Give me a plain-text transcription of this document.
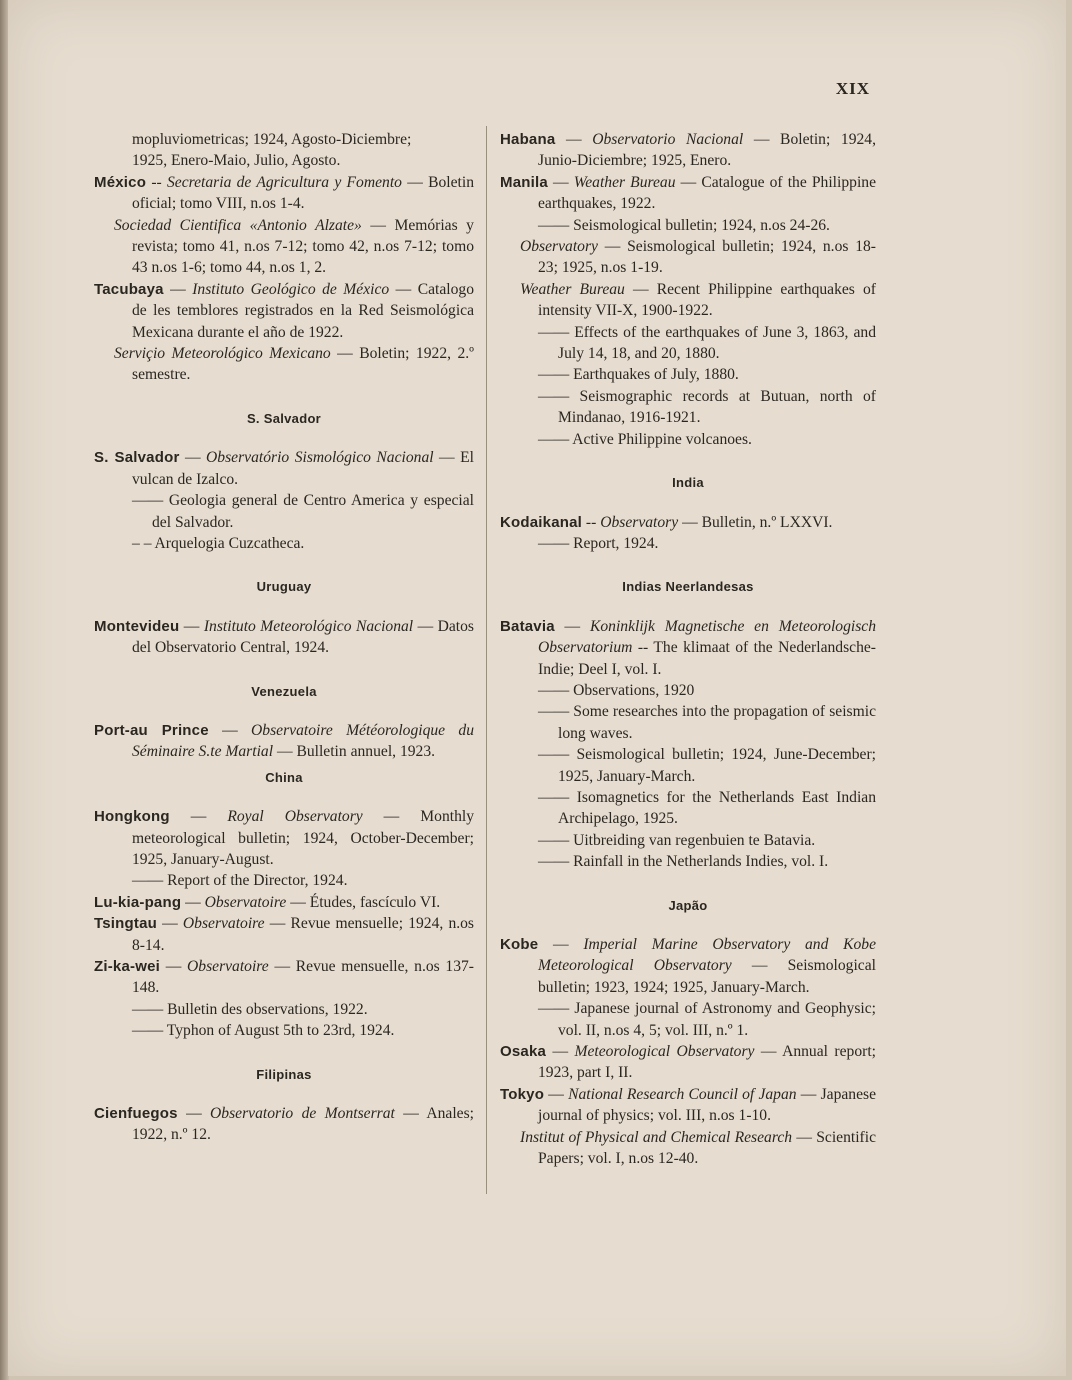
XIX

mopluviometricas; 1924, Agosto-Diciembre;

1925, Enero-Maio, Julio, Agosto.

México -- Secretaria de Agricultura y Fomento — Boletin oficial; tomo VIII, n.os 1-4.

Sociedad Cientifica «Antonio Alzate» — Memórias y revista; tomo 41, n.os 7-12; tomo 42, n.os 7-12; tomo 43 n.os 1-6; tomo 44, n.os 1, 2.

Tacubaya — Instituto Geológico de México — Catalogo de les temblores registrados en la Red Seismológica Mexicana durante el año de 1922.

Serviçio Meteorológico Mexicano — Boletin; 1922, 2.º semestre.

S. Salvador

S. Salvador — Observatório Sismológico Nacional — El vulcan de Izalco.

—— Geologia general de Centro America y especial del Salvador.

– – Arquelogia Cuzcatheca.

Uruguay

Montevideu — Instituto Meteorológico Nacional — Datos del Observatorio Central, 1924.

Venezuela

Port-au Prince — Observatoire Météorologique du Séminaire S.te Martial — Bulletin annuel, 1923.

China

Hongkong — Royal Observatory — Monthly meteorological bulletin; 1924, October-December; 1925, January-August.

—— Report of the Director, 1924.

Lu-kia-pang — Observatoire — Études, fascículo VI.

Tsingtau — Observatoire — Revue mensuelle; 1924, n.os 8-14.

Zi-ka-wei — Observatoire — Revue mensuelle, n.os 137-148.

—— Bulletin des observations, 1922.

—— Typhon of August 5th to 23rd, 1924.

Filipinas

Cienfuegos — Observatorio de Montserrat — Anales; 1922, n.º 12.

Habana — Observatorio Nacional — Boletin; 1924, Junio-Diciembre; 1925, Enero.

Manila — Weather Bureau — Catalogue of the Philippine earthquakes, 1922.

—— Seismological bulletin; 1924, n.os 24-26.

Observatory — Seismological bulletin; 1924, n.os 18-23; 1925, n.os 1-19.

Weather Bureau — Recent Philippine earthquakes of intensity VII-X, 1900-1922.

—— Effects of the earthquakes of June 3, 1863, and July 14, 18, and 20, 1880.

—— Earthquakes of July, 1880.

—— Seismographic records at Butuan, north of Mindanao, 1916-1921.

—— Active Philippine volcanoes.

India

Kodaikanal -- Observatory — Bulletin, n.º LXXVI.

—— Report, 1924.

Indias Neerlandesas

Batavia — Koninklijk Magnetische en Meteorologisch Observatorium -- The klimaat of the Nederlandsche-Indie; Deel I, vol. I.

—— Observations, 1920

—— Some researches into the propagation of seismic long waves.

—— Seismological bulletin; 1924, June-December; 1925, January-March.

—— Isomagnetics for the Netherlands East Indian Archipelago, 1925.

—— Uitbreiding van regenbuien te Batavia.

—— Rainfall in the Netherlands Indies, vol. I.

Japão

Kobe — Imperial Marine Observatory and Kobe Meteorological Observatory — Seismological bulletin; 1923, 1924; 1925, January-March.

—— Japanese journal of Astronomy and Geophysic; vol. II, n.os 4, 5; vol. III, n.º 1.

Osaka — Meteorological Observatory — Annual report; 1923, part I, II.

Tokyo — National Research Council of Japan — Japanese journal of physics; vol. III, n.os 1-10.

Institut of Physical and Chemical Research — Scientific Papers; vol. I, n.os 12-40.
